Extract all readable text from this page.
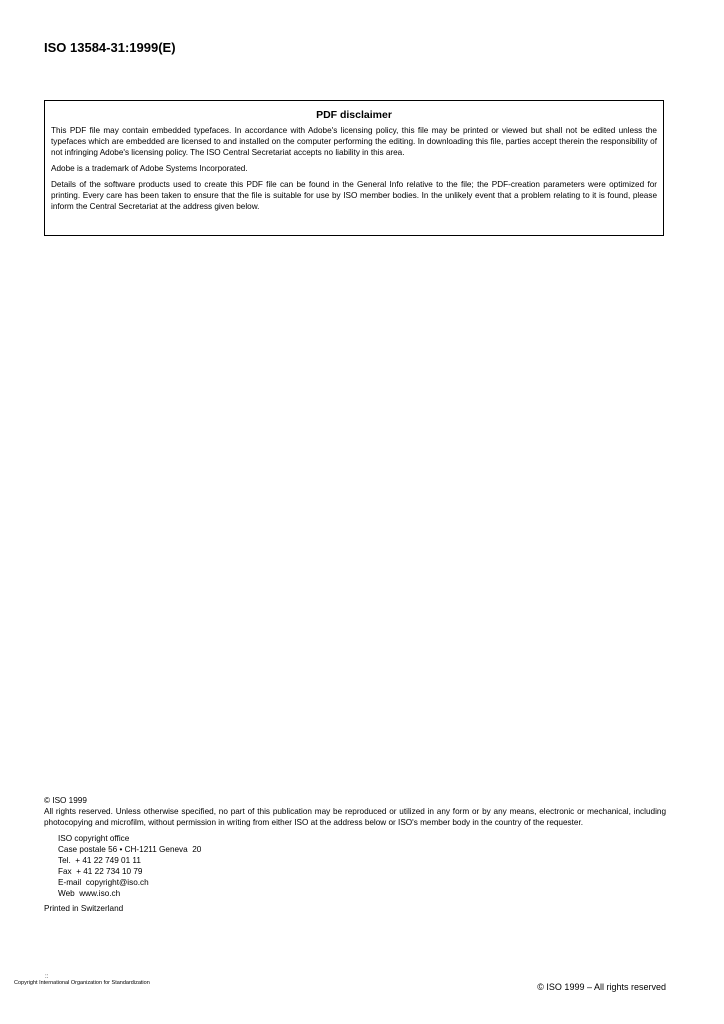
ISO 13584-31:1999(E)
PDF disclaimer

This PDF file may contain embedded typefaces. In accordance with Adobe's licensing policy, this file may be printed or viewed but shall not be edited unless the typefaces which are embedded are licensed to and installed on the computer performing the editing. In downloading this file, parties accept therein the responsibility of not infringing Adobe's licensing policy. The ISO Central Secretariat accepts no liability in this area.

Adobe is a trademark of Adobe Systems Incorporated.

Details of the software products used to create this PDF file can be found in the General Info relative to the file; the PDF-creation parameters were optimized for printing. Every care has been taken to ensure that the file is suitable for use by ISO member bodies. In the unlikely event that a problem relating to it is found, please inform the Central Secretariat at the address given below.

© ISO 1999

All rights reserved. Unless otherwise specified, no part of this publication may be reproduced or utilized in any form or by any means, electronic or mechanical, including photocopying and microfilm, without permission in writing from either ISO at the address below or ISO's member body in the country of the requester.

ISO copyright office
Case postale 56 • CH-1211 Geneva  20
Tel.  + 41 22 749 01 11
Fax  + 41 22 734 10 79
E-mail  copyright@iso.ch
Web  www.iso.ch

Printed in Switzerland

::
Copyright International Organization for Standardization	© ISO 1999 – All rights reserved
